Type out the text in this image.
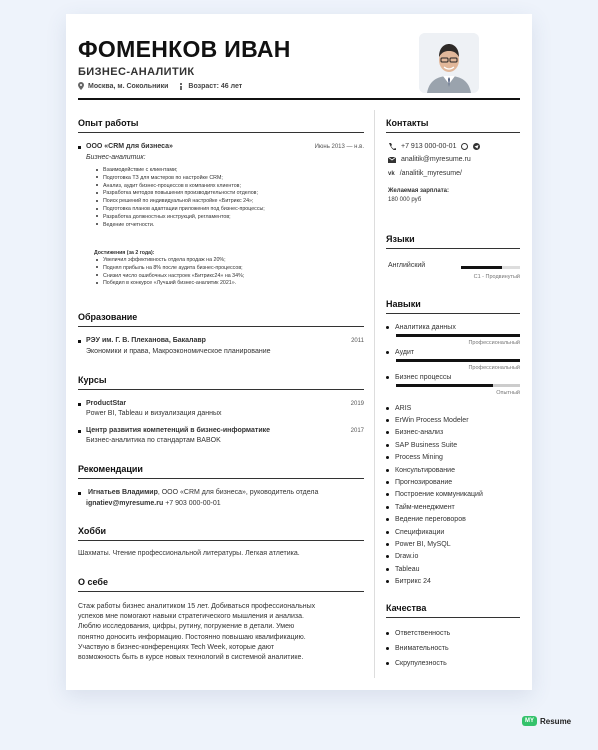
ФОМЕНКОВ ИВАН
БИЗНЕС-АНАЛИТИК
Москва, м. Сокольники	Возраст: 46 лет
Опыт работы
ООО «CRM для бизнеса»	Июнь 2013 — н.в.
Бизнес-аналитик:
Взаимодействие с клиентами;
Подготовка ТЗ для мастеров по настройке CRM;
Анализ, аудит бизнес-процессов в компаниях клиентов;
Разработка методов повышения производительности отделов;
Поиск решений по индивидуальной настройке «Битрикс 24»;
Подготовка планов адаптации приложения под бизнес-процессы;
Разработка должностных инструкций, регламентов;
Ведение отчетности.
Достижения (за 2 года):
Увеличил эффективность отдела продаж на 20%;
Поднял прибыль на 8% после аудита бизнес-процессов;
Снизил число ошибочных настроек «Битрикс24» на 34%;
Победил в конкурсе «Лучший бизнес-аналитик 2021».
Образование
РЭУ им. Г. В. Плеханова, Бакалавр	2011
Экономики и права, Макроэкономическое планирование
Курсы
ProductStar	2019
Power BI, Tableau и визуализация данных
Центр развития компетенций в бизнес-информатике	2017
Бизнес-аналитика по стандартам BABOK
Рекомендации
Игнатьев Владимир, ООО «CRM для бизнеса», руководитель отдела
ignatiev@myresume.ru +7 903 000-00-01
Хобби
Шахматы. Чтение профессиональной литературы. Легкая атлетика.
О себе
Стаж работы бизнес аналитиком 15 лет. Добиваться профессиональных
успехов мне помогают навыки стратегического мышления и анализа.
Люблю исследования, цифры, рутину, погружение в детали. Умею
понятно доносить информацию. Постоянно повышаю квалификацию.
Участвую в бизнес-конференциях Tech Week, которые дают
возможность быть в курсе новых технологий в системной аналитике.
Контакты
+7 913 000-00-01
analitik@myresume.ru
vk /analitik_myresume/
Желаемая зарплата:
180 000 руб
Языки
Английский
C1 - Продвинутый
Навыки
Аналитика данных
Профессиональный
Аудит
Профессиональный
Бизнес процессы
Опытный
ARIS
ErWin Process Modeler
Бизнес-анализ
SAP Business Suite
Process Mining
Консультирование
Прогнозирование
Построение коммуникаций
Тайм-менеджмент
Ведение переговоров
Спецификации
Power BI, MySQL
Draw.io
Tableau
Битрикс 24
Качества
Ответственность
Внимательность
Скрупулезность
MY Resume
